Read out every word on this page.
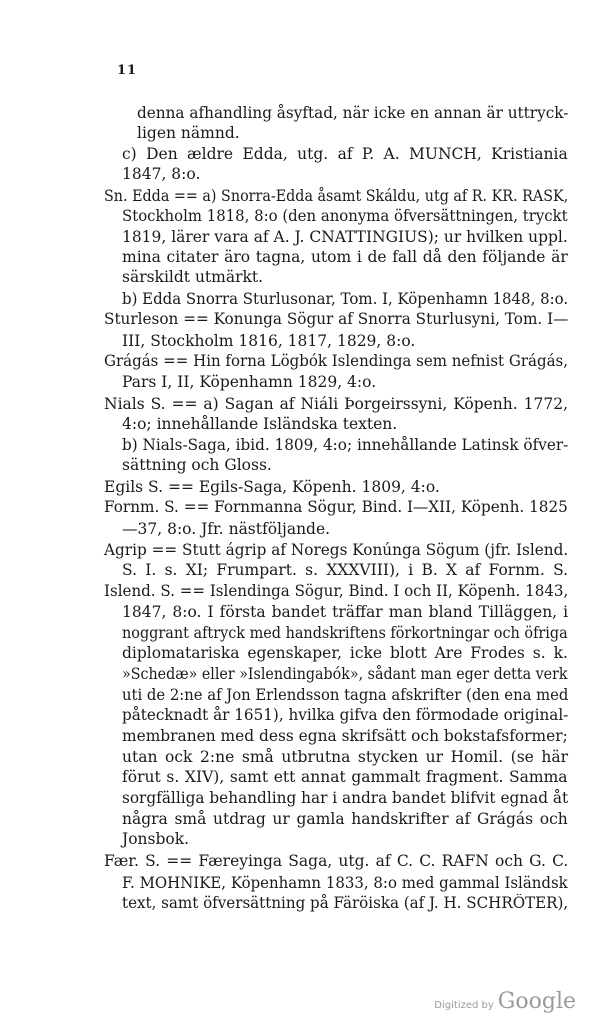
11
denna afhandling åsyftad, när icke en annan är uttryck-
ligen nämnd.
c) Den ældre Edda, utg. af P. A. MUNCH, Kristiania
1847, 8:o.
Sn. Edda == a) Snorra-Edda åsamt Skáldu, utg af R. KR. RASK,
Stockholm 1818, 8:o (den anonyma öfversättningen, tryckt
1819, lärer vara af A. J. CNATTINGIUS); ur hvilken uppl.
mina citater äro tagna, utom i de fall då den följande är
särskildt utmärkt.
b) Edda Snorra Sturlusonar, Tom. I, Köpenhamn 1848, 8:o.
Sturleson == Konunga Sögur af Snorra Sturlusyni, Tom. I—
III, Stockholm 1816, 1817, 1829, 8:o.
Grágás == Hin forna Lögbók Islendinga sem nefnist Grágás,
Pars I, II, Köpenhamn 1829, 4:o.
Nials S. == a) Sagan af Niáli Þorgeirssyni, Köpenh. 1772,
4:o; innehållande Isländska texten.
b) Nials-Saga, ibid. 1809, 4:o; innehållande Latinsk öfver-
sättning och Gloss.
Egils S. == Egils-Saga, Köpenh. 1809, 4:o.
Fornm. S. == Fornmanna Sögur, Bind. I—XII, Köpenh. 1825
—37, 8:o. Jfr. nästföljande.
Agrip == Stutt ágrip af Noregs Konúnga Sögum (jfr. Islend.
S. I. s. XI; Frumpart. s. XXXVIII), i B. X af Fornm. S.
Islend. S. == Islendinga Sögur, Bind. I och II, Köpenh. 1843,
1847, 8:o. I första bandet träffar man bland Tilläggen, i
noggrant aftryck med handskriftens förkortningar och öfriga
diplomatariska egenskaper, icke blott Are Frodes s. k.
»Schedæ» eller »Islendingabók», sådant man eger detta verk
uti de 2:ne af Jon Erlendsson tagna afskrifter (den ena med
påtecknadt år 1651), hvilka gifva den förmodade original-
membranen med dess egna skrifsätt och bokstafsformer;
utan ock 2:ne små utbrutna stycken ur Homil. (se här
förut s. XIV), samt ett annat gammalt fragment. Samma
sorgfälliga behandling har i andra bandet blifvit egnad åt
några små utdrag ur gamla handskrifter af Grágás och
Jonsbok.
Fær. S. == Færeyinga Saga, utg. af C. C. RAFN och G. C.
F. MOHNIKE, Köpenhamn 1833, 8:o med gammal Isländsk
text, samt öfversättning på Färöiska (af J. H. SCHRÖTER),
Digitized by Google
